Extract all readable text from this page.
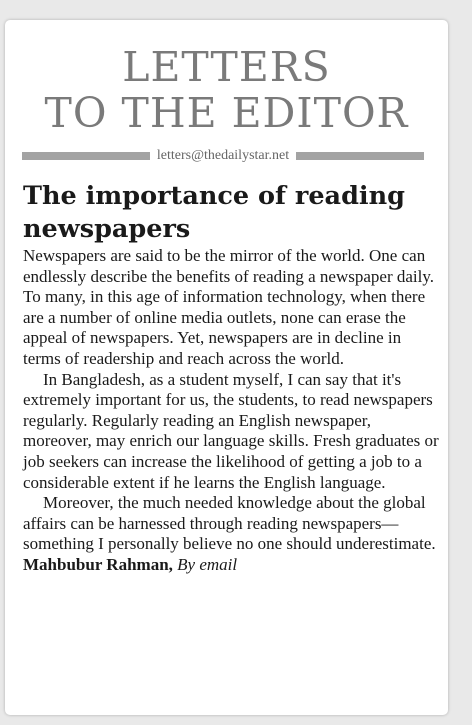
LETTERS
TO THE EDITOR
letters@thedailystar.net
The importance of reading newspapers

Newspapers are said to be the mirror of the world. One can endlessly describe the benefits of reading a newspaper daily. To many, in this age of information technology, when there are a number of online media outlets, none can erase the appeal of newspapers. Yet, newspapers are in decline in terms of readership and reach across the world.

In Bangladesh, as a student myself, I can say that it's extremely important for us, the students, to read newspapers regularly. Regularly reading an English newspaper, moreover, may enrich our language skills. Fresh graduates or job seekers can increase the likelihood of getting a job to a considerable extent if he learns the English language.

Moreover, the much needed knowledge about the global affairs can be harnessed through reading newspapers—something I personally believe no one should underestimate.

Mahbubur Rahman, By email
